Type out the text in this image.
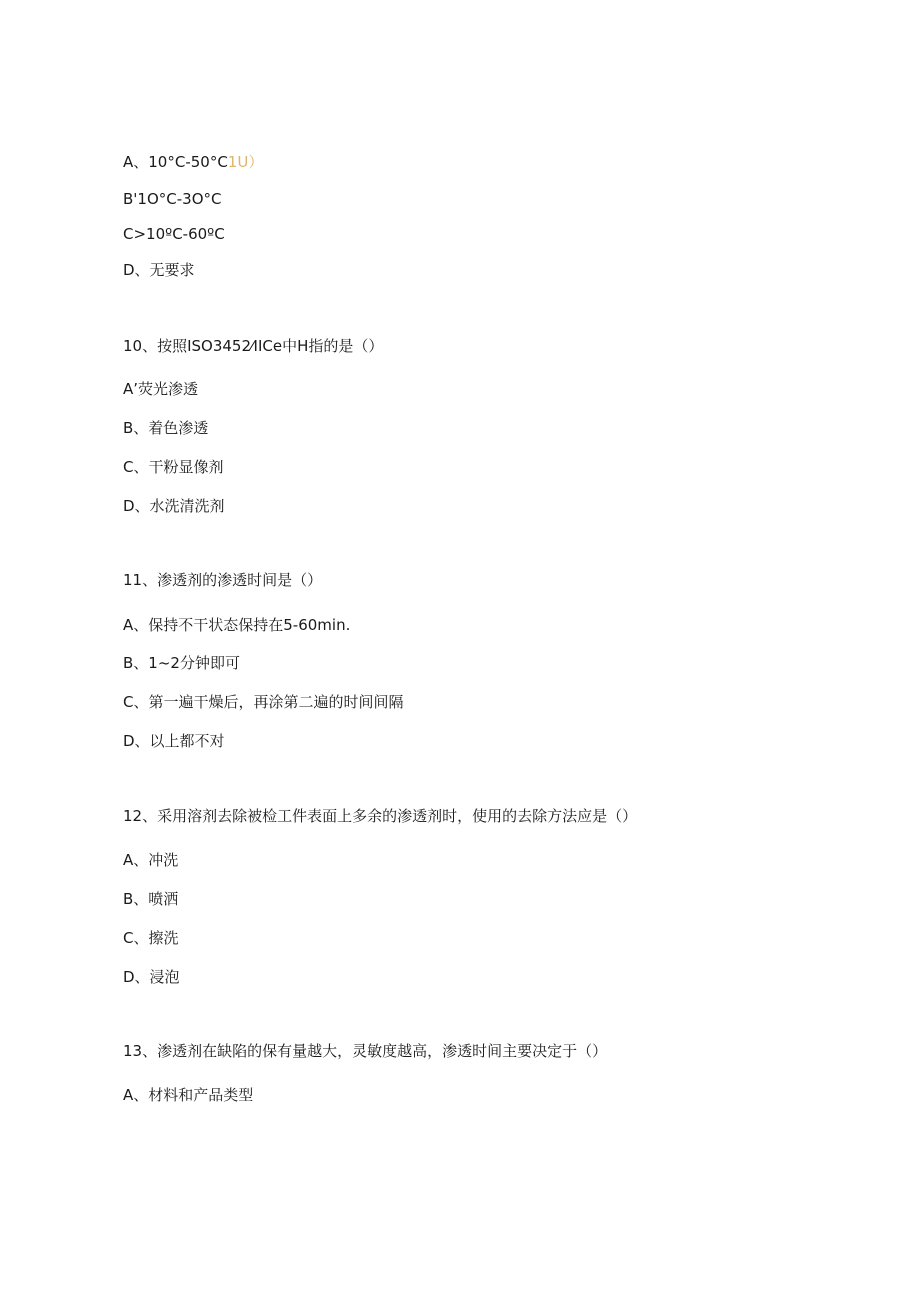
A、10°C-50°C1U）
B'1O°C-3O°C
C>10ºC-60ºC
D、无要求
10、按照ISO3452⁄IICe中H指的是（）
A’荧光渗透
B、着色渗透
C、干粉显像剂
D、水洗清洗剂
11、渗透剂的渗透时间是（）
A、保持不干状态保持在5-60min.
B、1~2分钟即可
C、第一遍干燥后，再涂第二遍的时间间隔
D、以上都不对
12、采用溶剂去除被检工件表面上多余的渗透剂时，使用的去除方法应是（）
A、冲洗
B、喷洒
C、擦洗
D、浸泡
13、渗透剂在缺陷的保有量越大，灵敏度越高，渗透时间主要决定于（）
A、材料和产品类型
